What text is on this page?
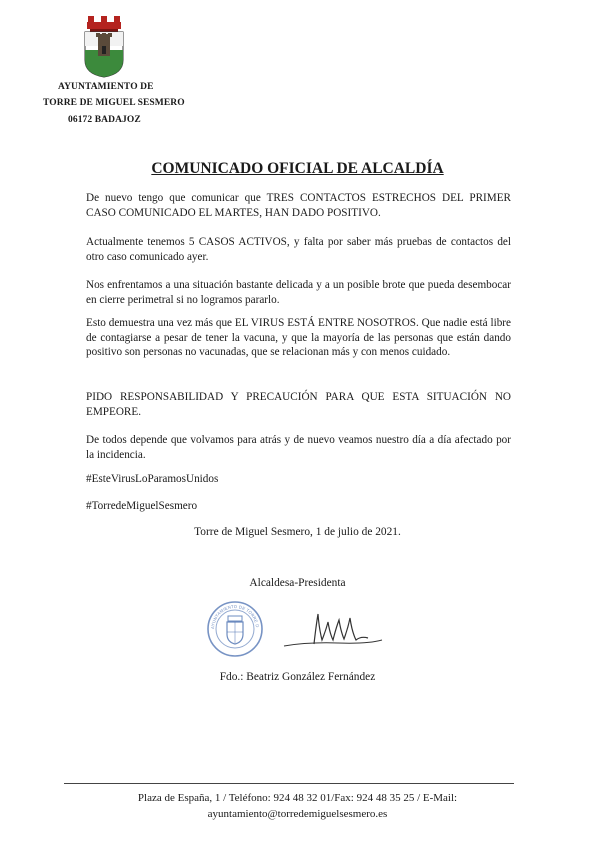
AYUNTAMIENTO DE
TORRE DE MIGUEL SESMERO
06172 BADAJOZ
COMUNICADO OFICIAL DE ALCALDÍA

De nuevo tengo que comunicar que TRES CONTACTOS ESTRECHOS DEL PRIMER CASO COMUNICADO EL MARTES, HAN DADO POSITIVO.

Actualmente tenemos 5 CASOS ACTIVOS, y falta por saber más pruebas de contactos del otro caso comunicado ayer.

Nos enfrentamos a una situación bastante delicada y a un posible brote que pueda desembocar en cierre perimetral si no logramos pararlo.

Esto demuestra una vez más que EL VIRUS ESTÁ ENTRE NOSOTROS. Que nadie está libre de contagiarse a pesar de tener la vacuna, y que la mayoría de las personas que están dando positivo son personas no vacunadas, que se relacionan más y con menos cuidado.

PIDO RESPONSABILIDAD Y PRECAUCIÓN PARA QUE ESTA SITUACIÓN NO EMPEORE.

De todos depende que volvamos para atrás y de nuevo veamos nuestro día a día afectado por la incidencia.

#EsteVirusLoParamosUnidos

#TorredeMiguelSesmero

Torre de Miguel Sesmero, 1 de julio de 2021.
Alcaldesa-Presidenta
AYUNTAMIENTO DE TORRE D
Fdo.: Beatriz González Fernández
Plaza de España, 1 / Teléfono: 924 48 32 01/Fax: 924 48 35 25 / E-Mail:
ayuntamiento@torredemiguelsesmero.es
